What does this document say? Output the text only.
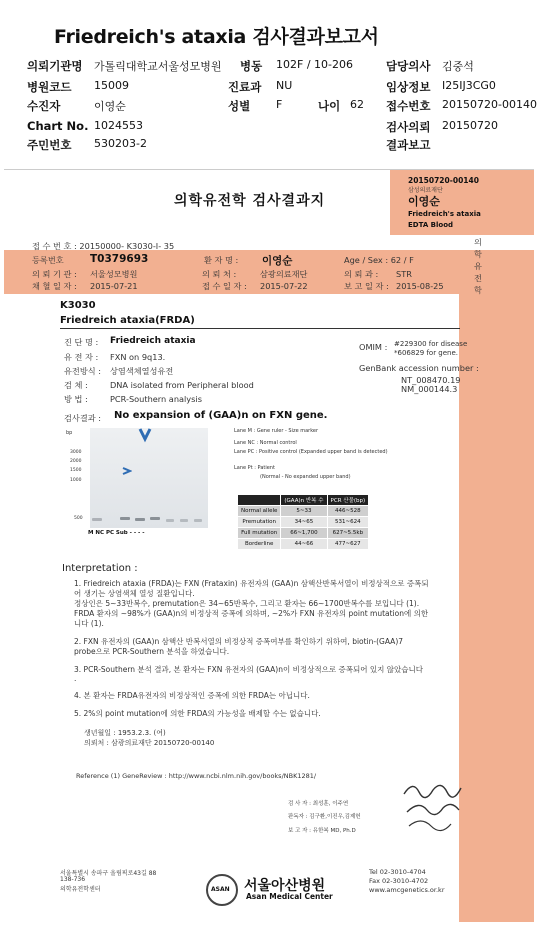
Friedreich's ataxia 검사결과보고서
의뢰기관명 가톨릭대학교서울성모병원 병동 102F / 10-206	담당의사 김중석
병원코드 15009	진료과 NU	임상정보 I25IJ3CG0
수진자	이영순	성별 F	나이 62 접수번호 20150720-00140
Chart No. 1024553	검사의뢰 20150720
주민번호 530203-2	결과보고
의학유전학 검사결과지
20150720-00140
삼성의료재단
이영순
Friedreich's ataxia
EDTA Blood
의
학
유
전
학
접 수 번 호 : 20150000- K3030-I- 35
등록번호	T0379693	환 자 명 : 이영순	Age / Sex : 62 / F
의 뢰 기 관 : 서울성모병원	의 뢰 처 :	삼광의료재단	의 뢰 과 : STR
채 혈 일 자 : 2015-07-21	접 수 일 자 : 2015-07-22	보 고 일 자 : 2015-08-25
K3030
Friedreich ataxia(FRDA)
진 단 명 : Friedreich ataxia
유 전 자 : FXN on 9q13.
유전방식 : 상염색체열성유전
검 체 :	DNA isolated from Peripheral blood
방 법 :	PCR-Southern analysis
OMIM : #229300 for disease
*606829 for gene.
GenBank accession number :
NT_008470.19
NM_000144.3
검사결과 : No expansion of (GAA)n on FXN gene.
bp
3000
2000
1500
1000
500
M NC PC Sub - - - -
Lane M : Gene ruler - Size marker
Lane NC : Normal control
Lane PC : Positive control (Expanded upper band is detected)
Lane Pt : Patient
(Normal - No expanded upper band)
	(GAA)n 반복 수	PCR 산물(bp)
Normal allele	5~33	446~528
Premutation	34~65	531~624
Full mutation	66~1,700	627~5.5kb
Borderline	44~66	477~627
Interpretation :
1. Friedreich ataxia (FRDA)는 FXN (Frataxin) 유전자의 (GAA)n 삼핵산반복서열이 비정상적으로 증폭되
어 생기는 상염색체 열성 질환입니다.
정상인은 5~33반복수, premutation은 34~65반복수, 그리고 환자는 66~1700반복수를 보입니다 (1).
FRDA 환자의 ~98%가 (GAA)n의 비정상적 증폭에 의하며, ~2%가 FXN 유전자의 point mutation에 의한
니다 (1).
2. FXN 유전자의 (GAA)n 삼핵산 반복서열의 비정상적 증폭여부를 확인하기 위하여, biotin-(GAA)7
probe으로 PCR-Southern 분석을 하였습니다.
3. PCR-Southern 분석 결과, 본 환자는 FXN 유전자의 (GAA)n이 비정상적으로 증폭되어 있지 않았습니다
.
4. 본 환자는 FRDA유전자의 비정상적인 증폭에 의한 FRDA는 아닙니다.
5. 2%의 point mutation에 의한 FRDA의 가능성을 배제할 수는 없습니다.
생년월일 : 1953.2.3. (여)
의뢰처 : 삼광의료재단 20150720-00140
Reference (1) GeneReview : http://www.ncbi.nlm.nih.gov/books/NBK1281/
검 사 자 : 최성훈, 이주연
판독자 : 김구환,이진우,김제헌
보 고 자 : 유한복 MD, Ph.D
서울특별시 송파구 올림픽로43길 88
138-736
의학유전학센터	ASAN 서울아산병원
Asan Medical Center
Tel 02-3010-4704
Fax 02-3010-4702
www.amcgenetics.or.kr
